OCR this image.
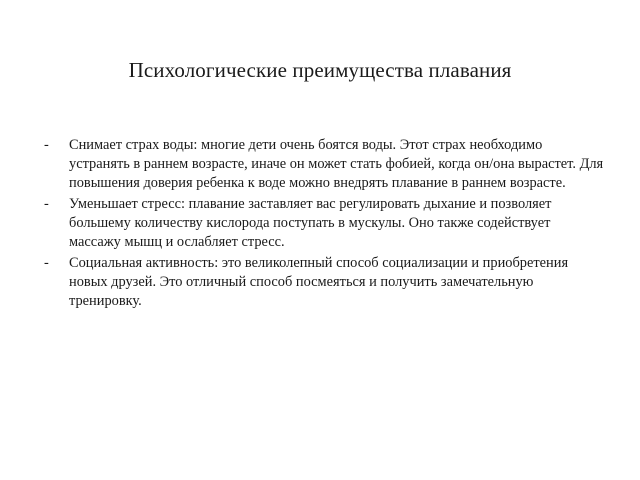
Психологические преимущества плавания
-	Снимает страх воды: многие дети очень боятся воды. Этот страх необходимо устранять в раннем возрасте, иначе он может стать фобией, когда он/она вырастет. Для повышения доверия ребенка к воде можно внедрять плавание в раннем возрасте.
-	Уменьшает стресс: плавание заставляет вас регулировать дыхание и позволяет большему количеству кислорода поступать в мускулы. Оно также содействует массажу мышц и ослабляет стресс.
-	Социальная активность: это великолепный способ социализации и приобретения новых друзей. Это отличный способ посмеяться и получить замечательную тренировку.
